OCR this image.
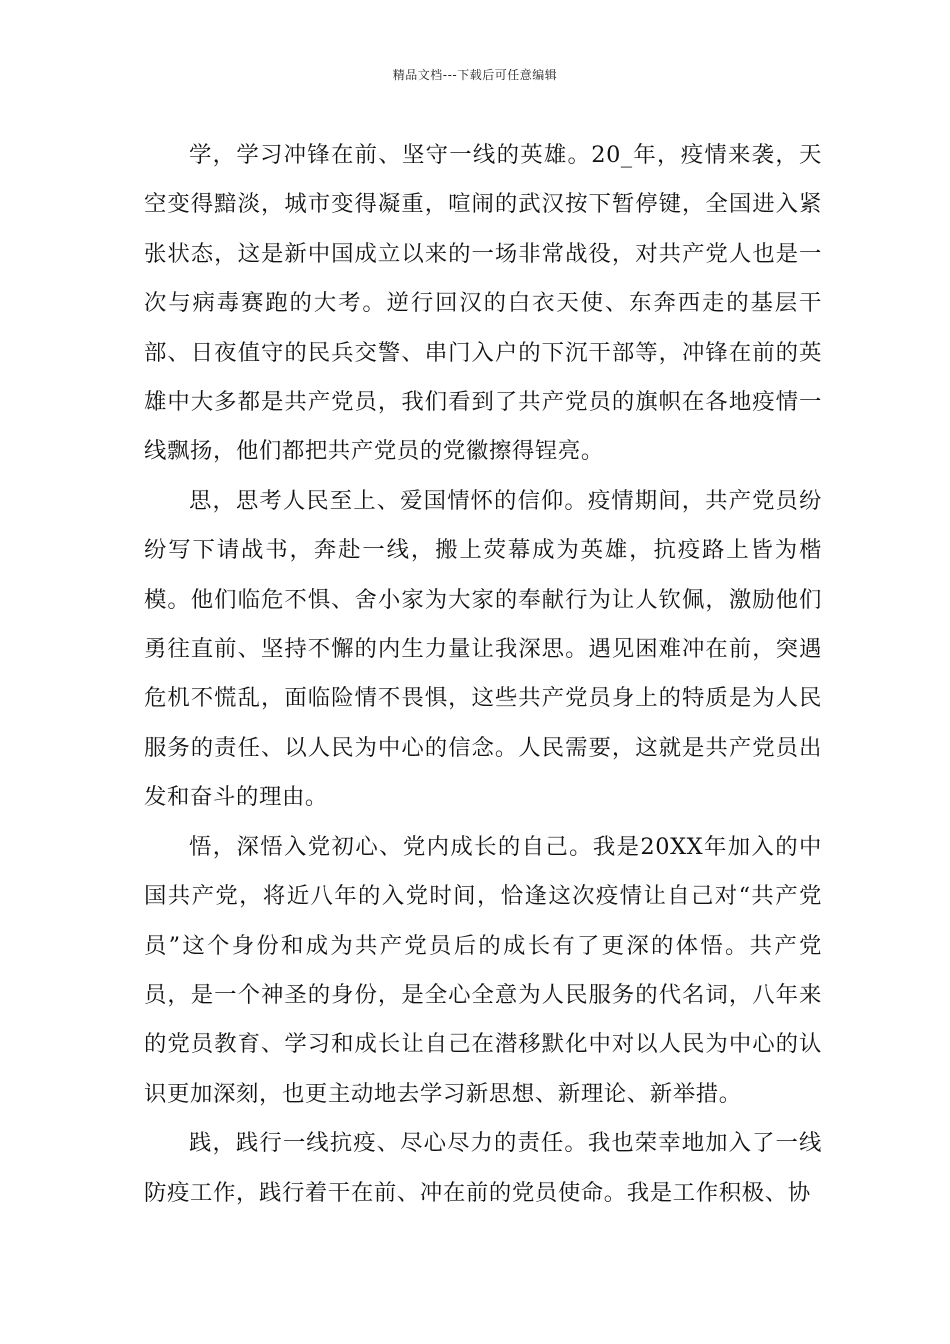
精品文档---下载后可任意编辑

学，学习冲锋在前、坚守一线的英雄。20_年，疫情来袭，天空变得黯淡，城市变得凝重，喧闹的武汉按下暂停键，全国进入紧张状态，这是新中国成立以来的一场非常战役，对共产党人也是一次与病毒赛跑的大考。逆行回汉的白衣天使、东奔西走的基层干部、日夜值守的民兵交警、串门入户的下沉干部等，冲锋在前的英雄中大多都是共产党员，我们看到了共产党员的旗帜在各地疫情一线飘扬，他们都把共产党员的党徽擦得锃亮。

思，思考人民至上、爱国情怀的信仰。疫情期间，共产党员纷纷写下请战书，奔赴一线，搬上荧幕成为英雄，抗疫路上皆为楷模。他们临危不惧、舍小家为大家的奉献行为让人钦佩，激励他们勇往直前、坚持不懈的内生力量让我深思。遇见困难冲在前，突遇危机不慌乱，面临险情不畏惧，这些共产党员身上的特质是为人民服务的责任、以人民为中心的信念。人民需要，这就是共产党员出发和奋斗的理由。

悟，深悟入党初心、党内成长的自己。我是20XX年加入的中国共产党，将近八年的入党时间，恰逢这次疫情让自己对“共产党员”这个身份和成为共产党员后的成长有了更深的体悟。共产党员，是一个神圣的身份，是全心全意为人民服务的代名词，八年来的党员教育、学习和成长让自己在潜移默化中对以人民为中心的认识更加深刻，也更主动地去学习新思想、新理论、新举措。

践，践行一线抗疫、尽心尽力的责任。我也荣幸地加入了一线防疫工作，践行着干在前、冲在前的党员使命。我是工作积极、协
